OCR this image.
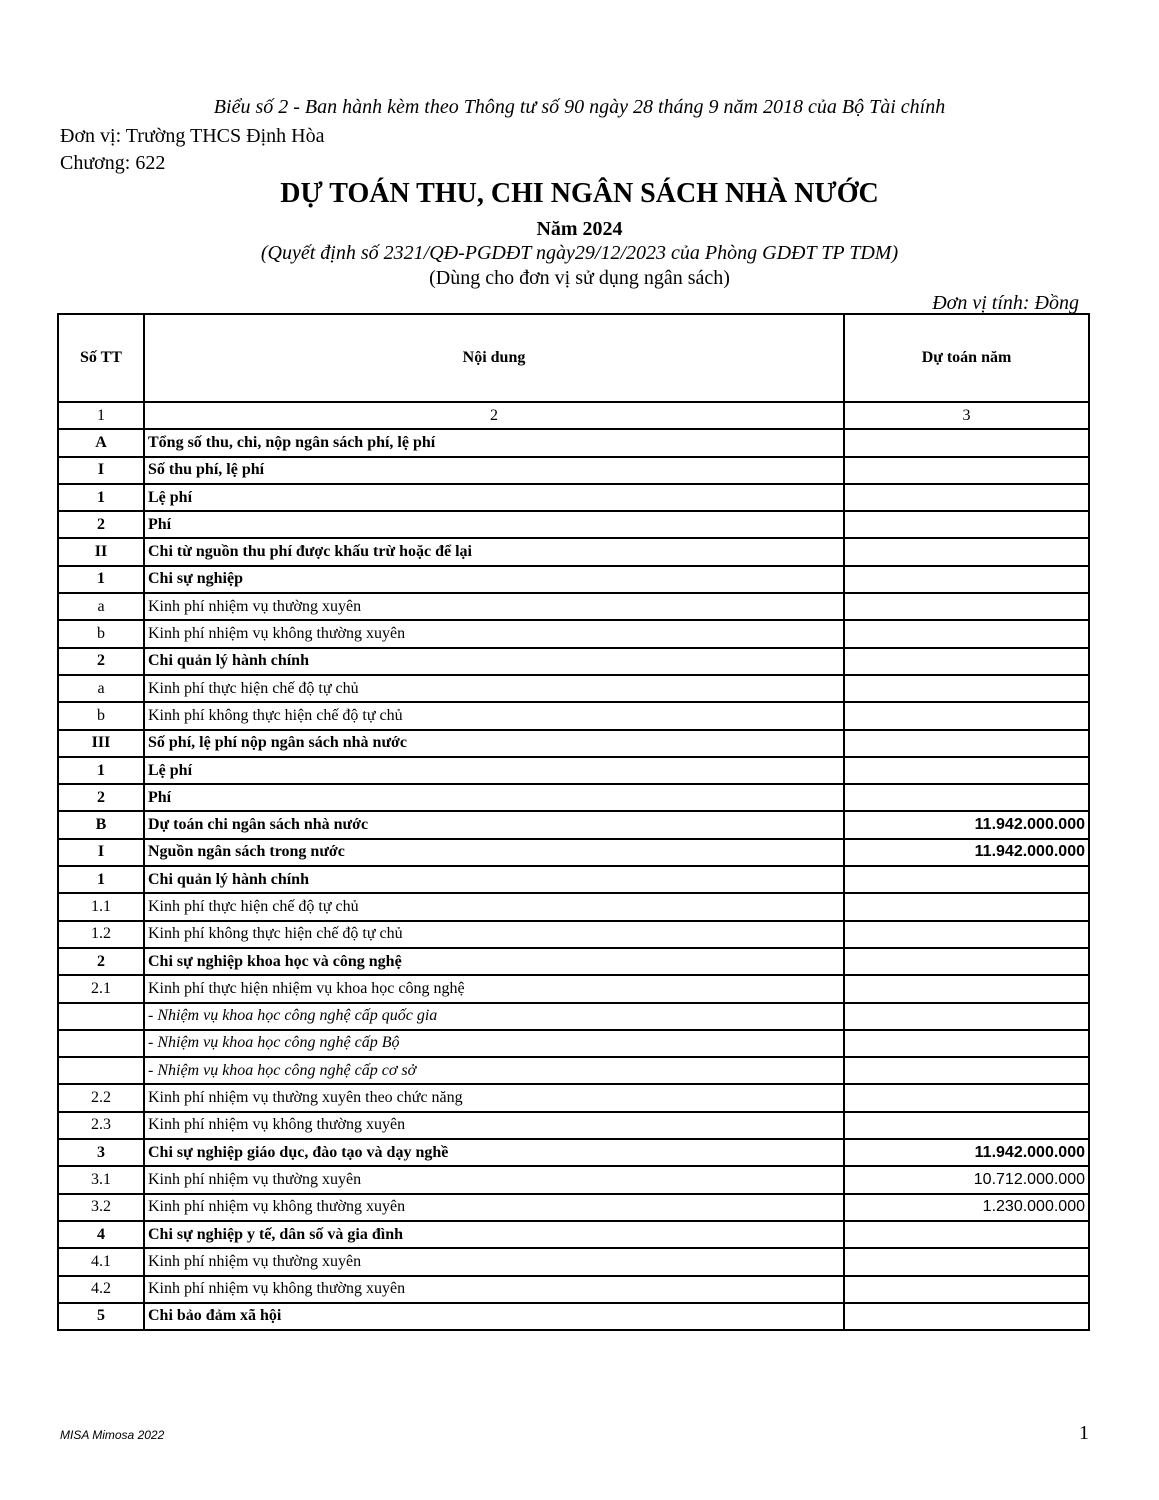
Biểu số 2 - Ban hành kèm theo Thông tư số 90 ngày 28 tháng 9 năm 2018 của Bộ Tài chính
Đơn vị: Trường THCS Định Hòa
Chương: 622
DỰ TOÁN THU, CHI NGÂN SÁCH NHÀ NƯỚC
Năm 2024
(Quyết định số 2321/QĐ-PGDĐT ngày29/12/2023 của Phòng GDĐT TP TDM)
(Dùng cho đơn vị sử dụng ngân sách)
Đơn vị tính: Đồng
Số TT	Nội dung	Dự toán năm
1	2	3
A	Tổng số thu, chi, nộp ngân sách phí, lệ phí	
I	Số thu phí, lệ phí	
1	Lệ phí	
2	Phí	
II	Chi từ nguồn thu phí được khấu trừ hoặc để lại	
1	Chi sự nghiệp	
a	Kinh phí nhiệm vụ thường xuyên	
b	Kinh phí nhiệm vụ không thường xuyên	
2	Chi quản lý hành chính	
a	Kinh phí thực hiện chế độ tự chủ	
b	Kinh phí không thực hiện chế độ tự chủ	
III	Số phí, lệ phí nộp ngân sách nhà nước	
1	Lệ phí	
2	Phí	
B	Dự toán chi ngân sách nhà nước	11.942.000.000
I	Nguồn ngân sách trong nước	11.942.000.000
1	Chi quản lý hành chính	
1.1	Kinh phí thực hiện chế độ tự chủ	
1.2	Kinh phí không thực hiện chế độ tự chủ	
2	Chi sự nghiệp khoa học và công nghệ	
2.1	Kinh phí thực hiện nhiệm vụ khoa học công nghệ	
	- Nhiệm vụ khoa học công nghệ cấp quốc gia	
	- Nhiệm vụ khoa học công nghệ cấp Bộ	
	- Nhiệm vụ khoa học công nghệ cấp cơ sở	
2.2	Kinh phí nhiệm vụ thường xuyên theo chức năng	
2.3	Kinh phí nhiệm vụ không thường xuyên	
3	Chi sự nghiệp giáo dục, đào tạo và dạy nghề	11.942.000.000
3.1	Kinh phí nhiệm vụ thường xuyên	10.712.000.000
3.2	Kinh phí nhiệm vụ không thường xuyên	1.230.000.000
4	Chi sự nghiệp y tế, dân số và gia đình	
4.1	Kinh phí nhiệm vụ thường xuyên	
4.2	Kinh phí nhiệm vụ không thường xuyên	
5	Chi bảo đảm xã hội	
MISA Mimosa 2022	1
